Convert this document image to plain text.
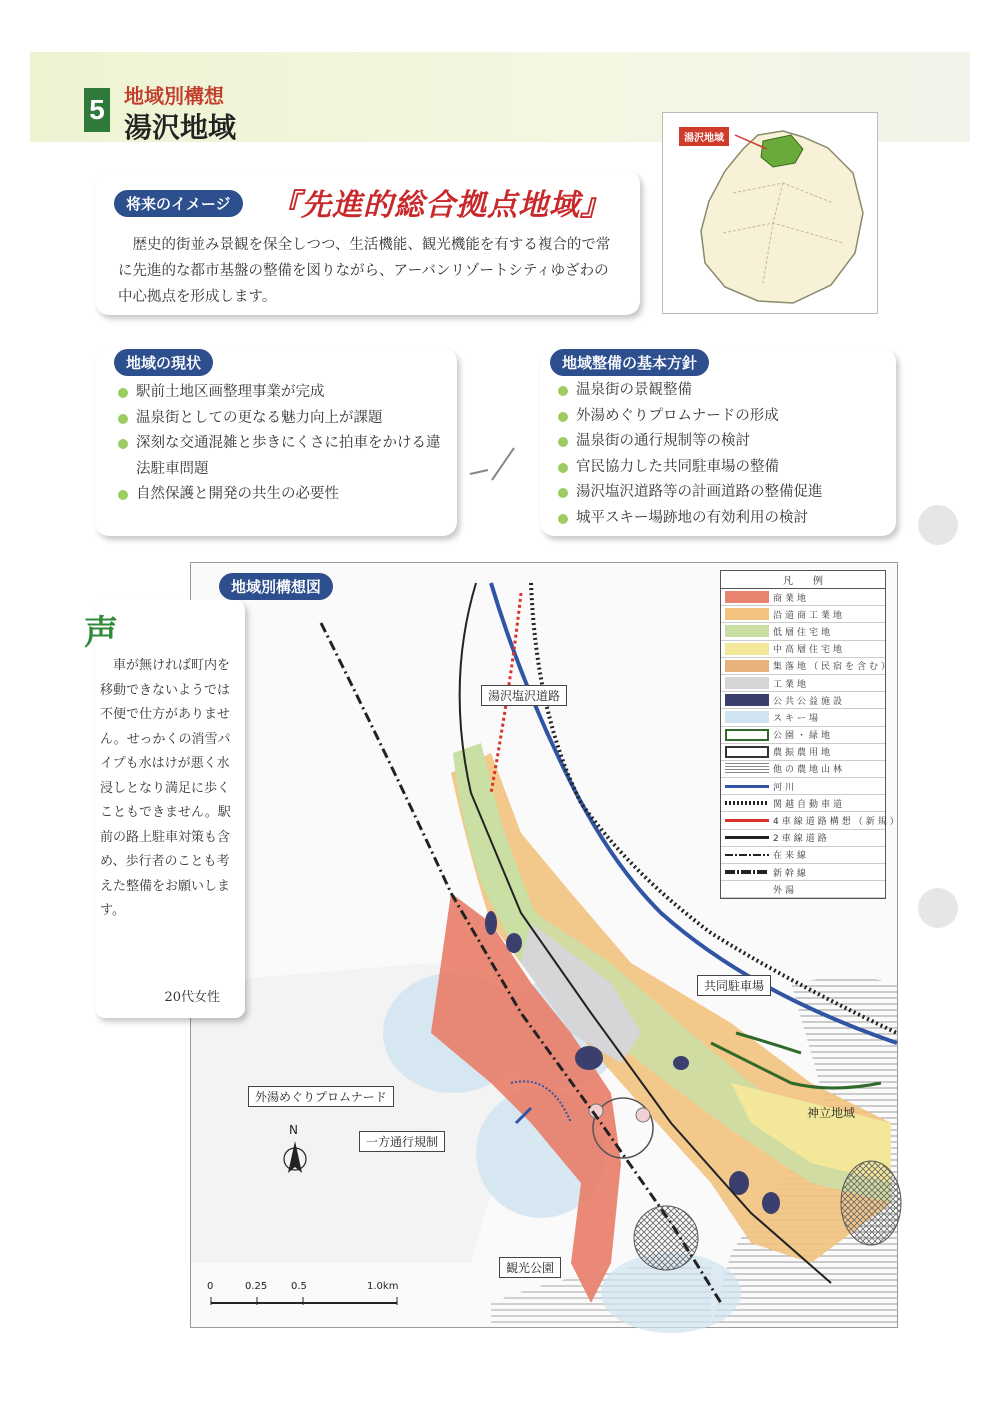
5 地域別構想
湯沢地域
将来のイメージ	『先進的総合拠点地域』
歴史的街並み景観を保全しつつ、生活機能、観光機能を有する複合的で常に先進的な都市基盤の整備を図りながら、アーバンリゾートシティゆざわの中心拠点を形成します。
湯沢地域
地域の現状
駅前土地区画整理事業が完成
温泉街としての更なる魅力向上が課題
深刻な交通混雑と歩きにくさに拍車をかける違法駐車問題
自然保護と開発の共生の必要性
地域整備の基本方針
温泉街の景観整備
外湯めぐりプロムナードの形成
温泉街の通行規制等の検討
官民協力した共同駐車場の整備
湯沢塩沢道路等の計画道路の整備促進
城平スキー場跡地の有効利用の検討
地域別構想図
湯沢塩沢道路
共同駐車場
外湯めぐりプロムナード
一方通行規制
観光公園
神立地域
N
0	0.25 0.5	1.0km
凡　　例
商業地
沿道商工業地
低層住宅地
中高層住宅地
集落地（民宿を含む）
工業地
公共公益施設
スキー場
公園・緑地
農振農用地
他の農地山林
河川
関越自動車道
4車線道路構想（新規）
2車線道路
在来線
新幹線
外湯
声
車が無ければ町内を移動できないようでは不便で仕方がありません。せっかくの消雪パイプも水はけが悪く水浸しとなり満足に歩くこともできません。駅前の路上駐車対策も含め、歩行者のことも考えた整備をお願いします。
20代女性
